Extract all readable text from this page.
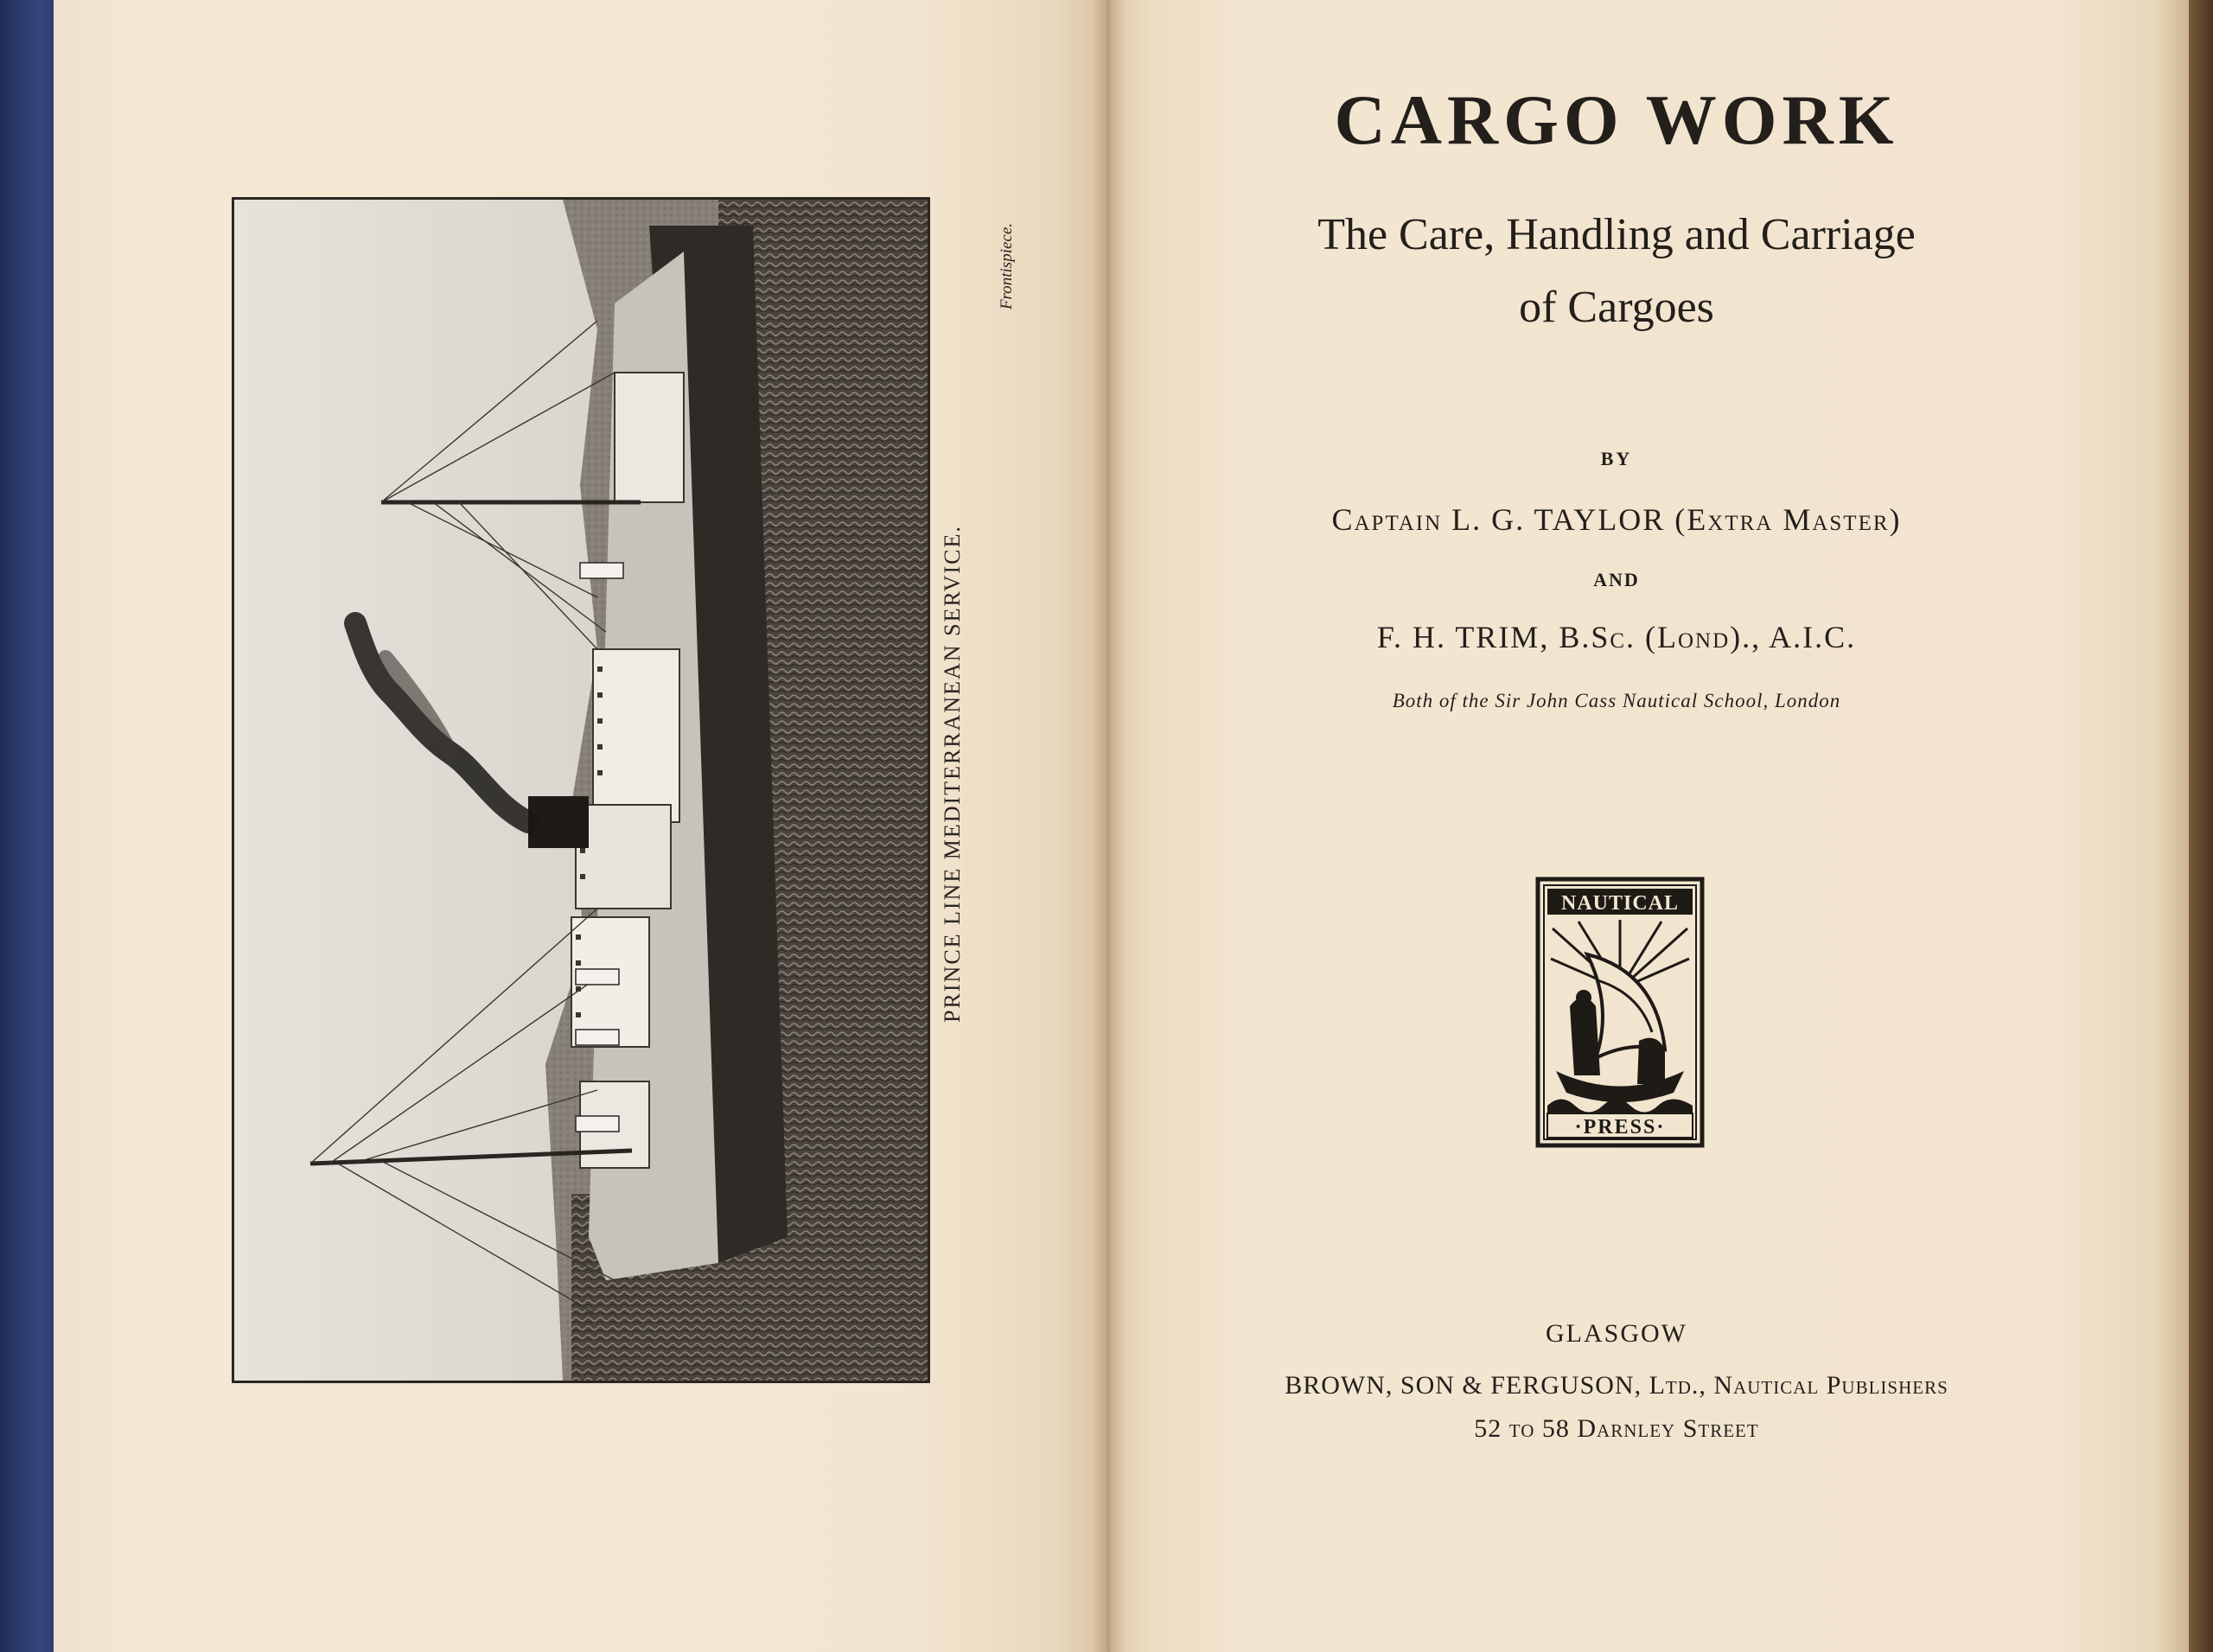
PRINCE LINE MEDITERRANEAN SERVICE.
Frontispiece.
CARGO WORK
The Care, Handling and Carriage
of Cargoes
BY
Captain L. G. TAYLOR (Extra Master)
AND
F. H. TRIM, B.Sc. (Lond)., A.I.C.
Both of the Sir John Cass Nautical School, London
NAUTICAL
·PRESS·
GLASGOW
BROWN, SON & FERGUSON, Ltd., Nautical Publishers
52 to 58 Darnley Street
